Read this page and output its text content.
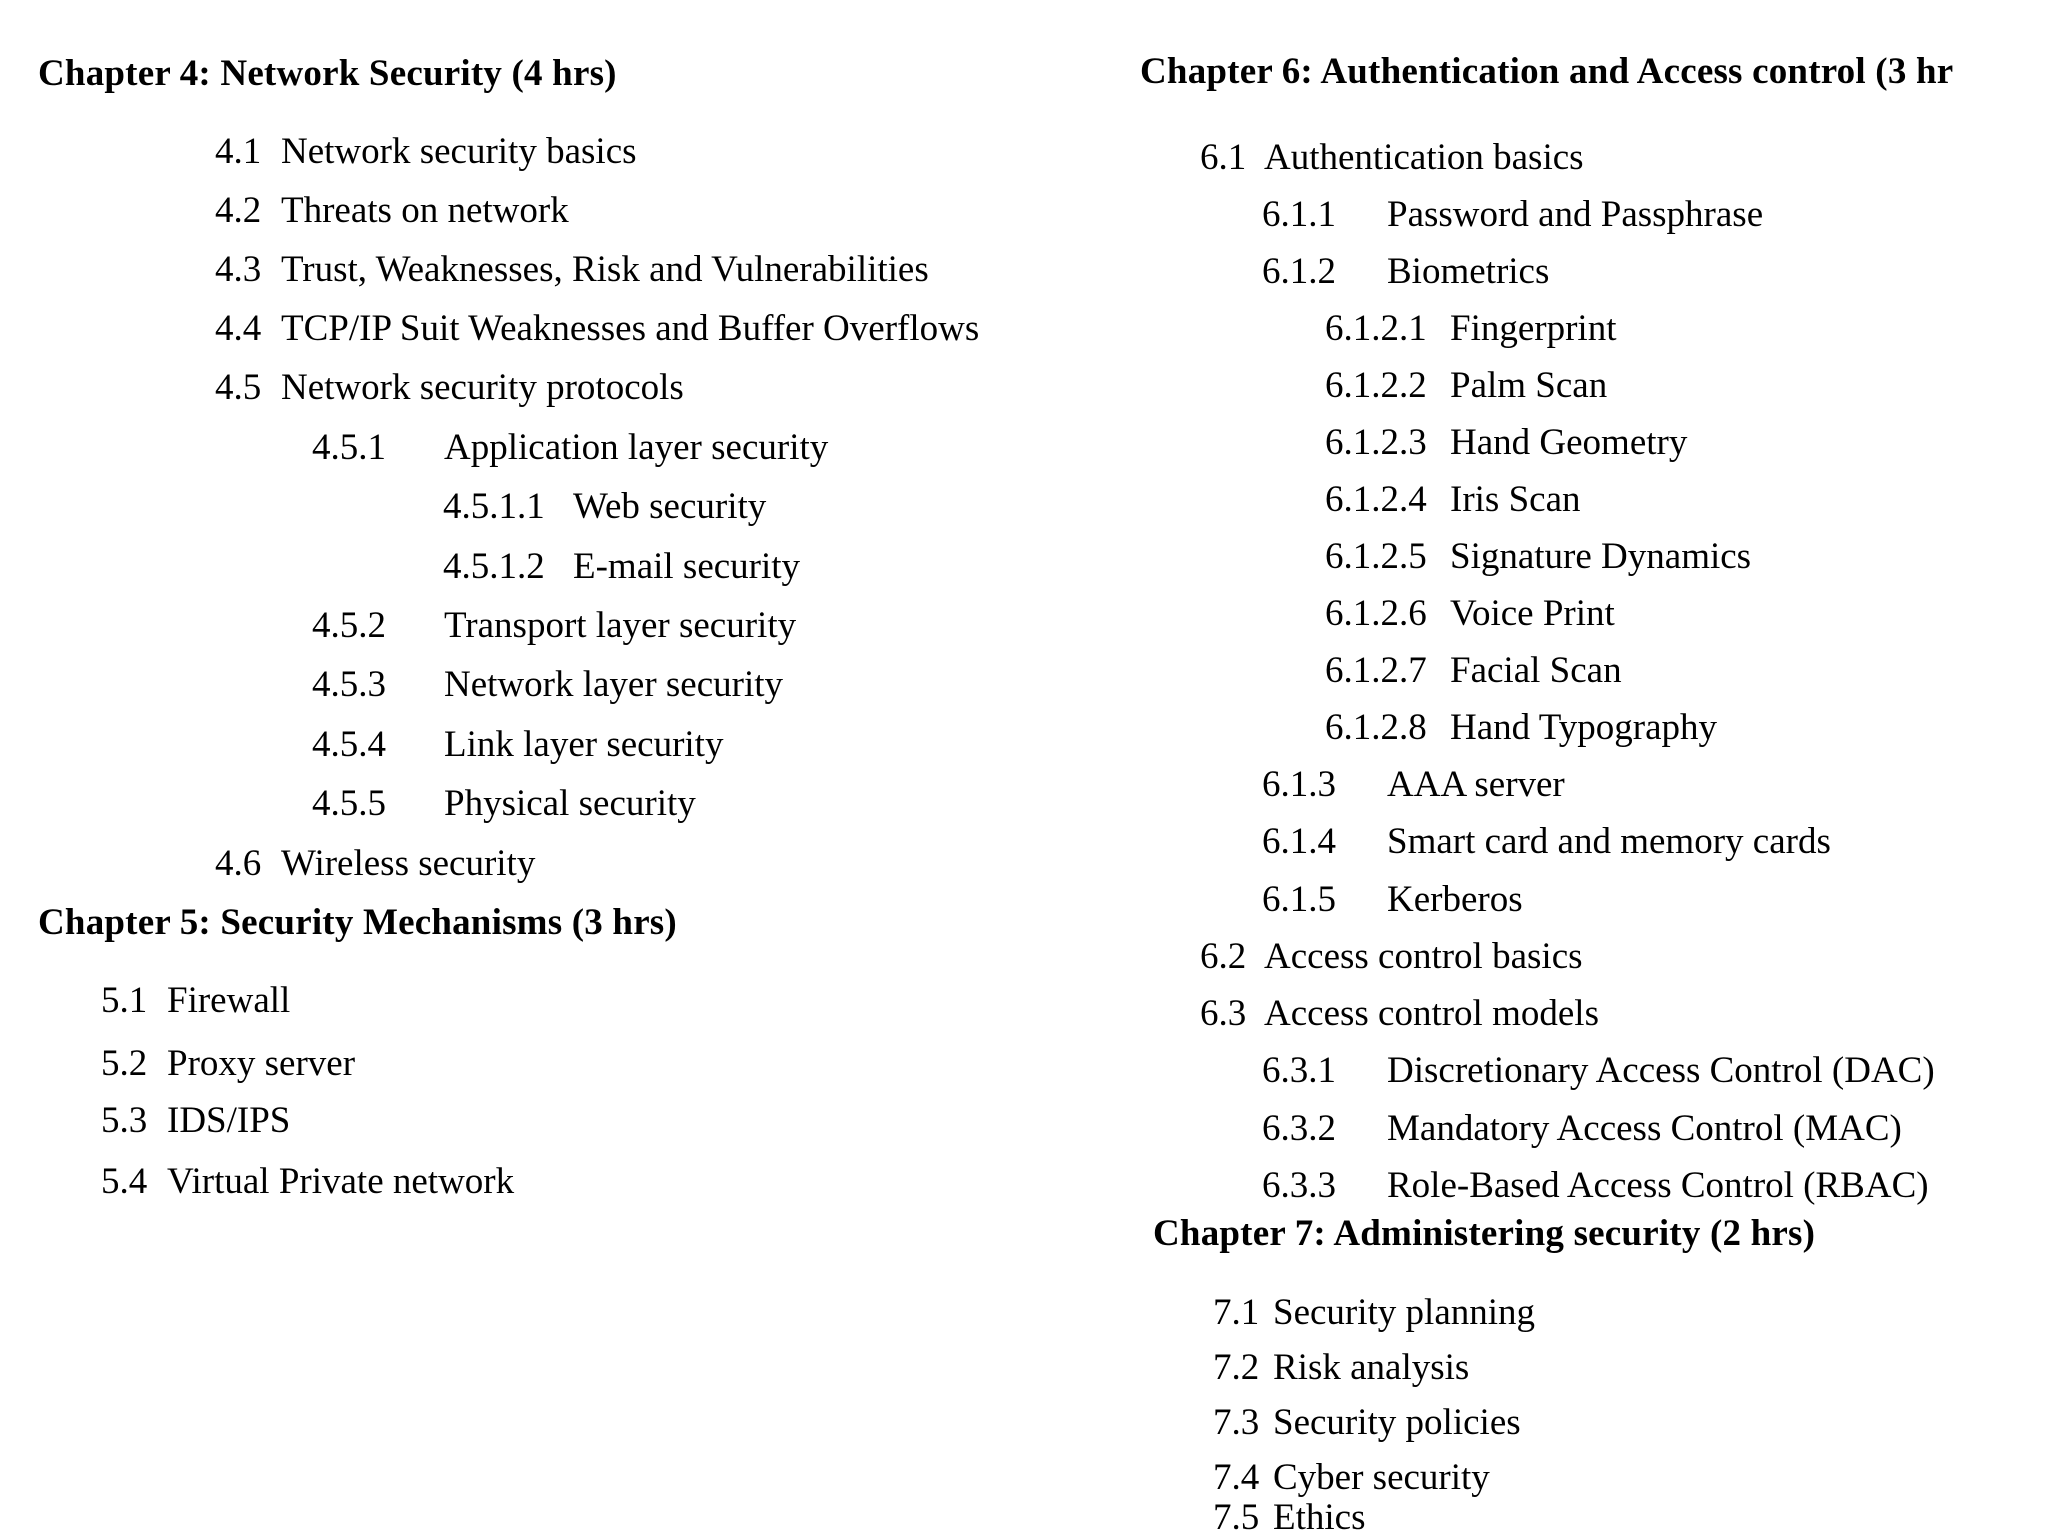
Chapter 4: Network Security (4 hrs)
4.1 Network security basics
4.2 Threats on network
4.3 Trust, Weaknesses, Risk and Vulnerabilities
4.4 TCP/IP Suit Weaknesses and Buffer Overflows
4.5 Network security protocols
4.5.1 Application layer security
4.5.1.1 Web security
4.5.1.2 E-mail security
4.5.2 Transport layer security
4.5.3 Network layer security
4.5.4 Link layer security
4.5.5 Physical security
4.6 Wireless security
Chapter 5: Security Mechanisms (3 hrs)
5.1 Firewall
5.2 Proxy server
5.3 IDS/IPS
5.4 Virtual Private network
Chapter 6: Authentication and Access control (3 hr
6.1 Authentication basics
6.1.1 Password and Passphrase
6.1.2 Biometrics
6.1.2.1 Fingerprint
6.1.2.2 Palm Scan
6.1.2.3 Hand Geometry
6.1.2.4 Iris Scan
6.1.2.5 Signature Dynamics
6.1.2.6 Voice Print
6.1.2.7 Facial Scan
6.1.2.8 Hand Typography
6.1.3 AAA server
6.1.4 Smart card and memory cards
6.1.5 Kerberos
6.2 Access control basics
6.3 Access control models
6.3.1 Discretionary Access Control (DAC)
6.3.2 Mandatory Access Control (MAC)
6.3.3 Role-Based Access Control (RBAC)
Chapter 7: Administering security (2 hrs)
7.1 Security planning
7.2 Risk analysis
7.3 Security policies
7.4 Cyber security
7.5 Ethics
